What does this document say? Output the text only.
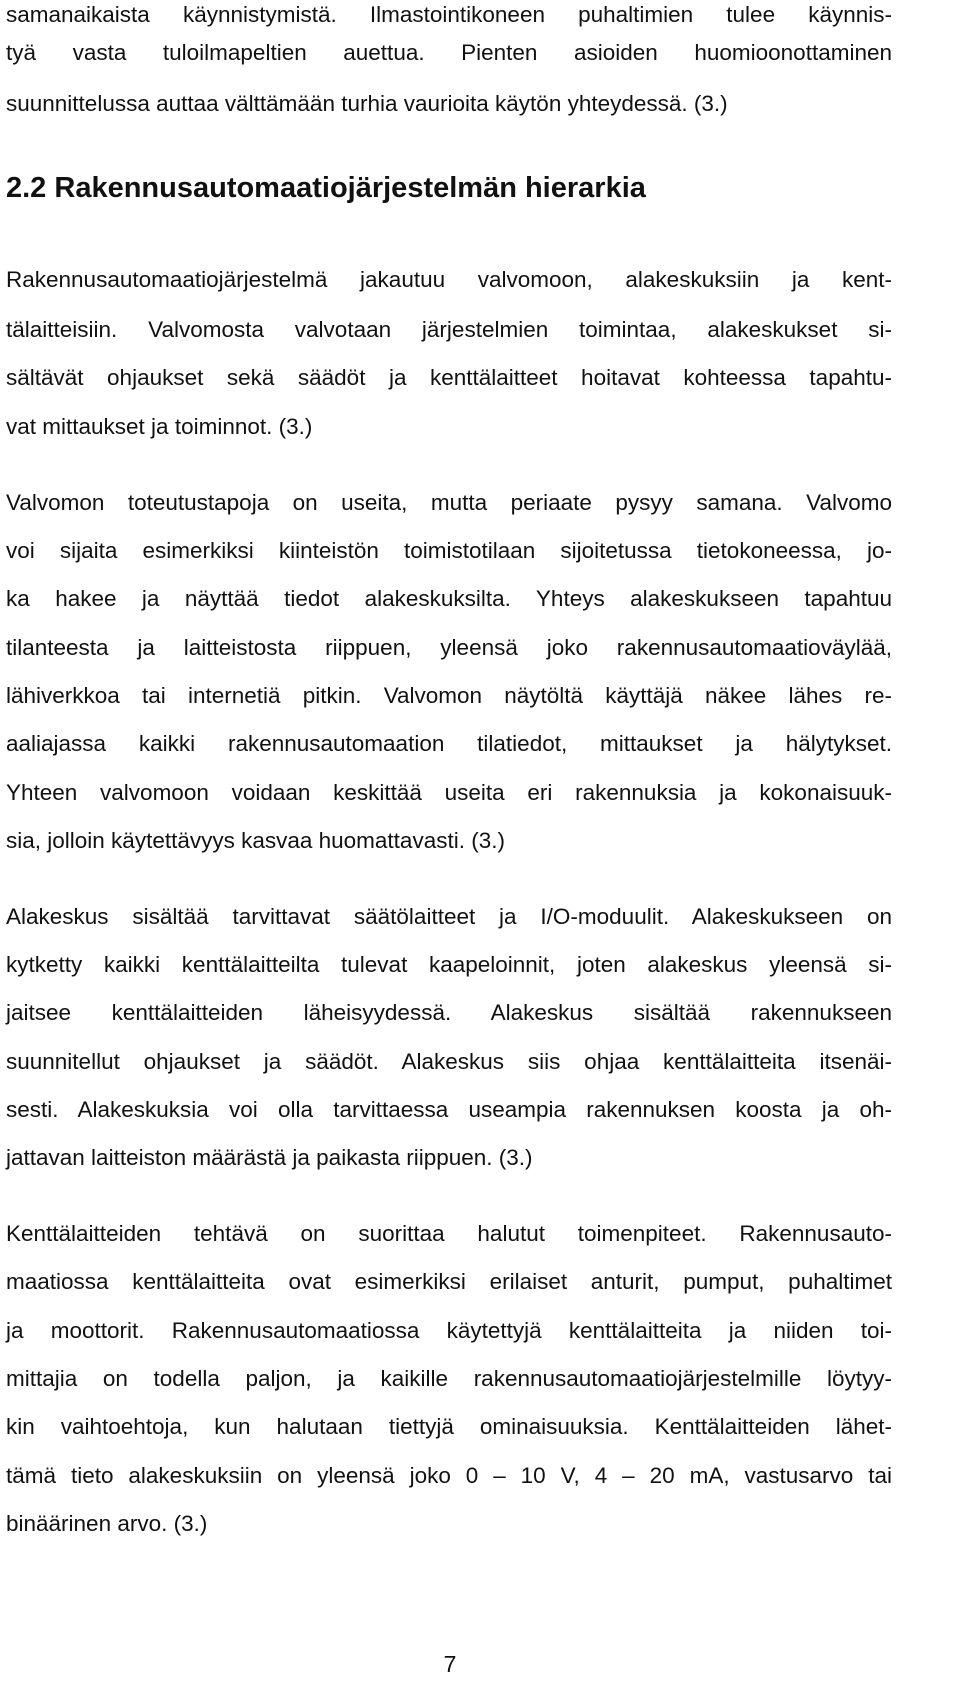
samanaikaista käynnistymistä. Ilmastointikoneen puhaltimien tulee käynnis-

tyä vasta tuloilmapeltien auettua. Pienten asioiden huomioonottaminen

suunnittelussa auttaa välttämään turhia vaurioita käytön yhteydessä. (3.)

2.2 Rakennusautomaatiojärjestelmän hierarkia

Rakennusautomaatiojärjestelmä jakautuu valvomoon, alakeskuksiin ja kent-

tälaitteisiin. Valvomosta valvotaan järjestelmien toimintaa, alakeskukset si-

sältävät ohjaukset sekä säädöt ja kenttälaitteet hoitavat kohteessa tapahtu-

vat mittaukset ja toiminnot. (3.)

Valvomon toteutustapoja on useita, mutta periaate pysyy samana. Valvomo

voi sijaita esimerkiksi kiinteistön toimistotilaan sijoitetussa tietokoneessa, jo-

ka hakee ja näyttää tiedot alakeskuksilta. Yhteys alakeskukseen tapahtuu

tilanteesta ja laitteistosta riippuen, yleensä joko rakennusautomaatioväylää,

lähiverkkoa tai internetiä pitkin. Valvomon näytöltä käyttäjä näkee lähes re-

aaliajassa kaikki rakennusautomaation tilatiedot, mittaukset ja hälytykset.

Yhteen valvomoon voidaan keskittää useita eri rakennuksia ja kokonaisuuk-

sia, jolloin käytettävyys kasvaa huomattavasti. (3.)

Alakeskus sisältää tarvittavat säätölaitteet ja I/O-moduulit. Alakeskukseen on

kytketty kaikki kenttälaitteilta tulevat kaapeloinnit, joten alakeskus yleensä si-

jaitsee kenttälaitteiden läheisyydessä. Alakeskus sisältää rakennukseen

suunnitellut ohjaukset ja säädöt. Alakeskus siis ohjaa kenttälaitteita itsenäi-

sesti. Alakeskuksia voi olla tarvittaessa useampia rakennuksen koosta ja oh-

jattavan laitteiston määrästä ja paikasta riippuen. (3.)

Kenttälaitteiden tehtävä on suorittaa halutut toimenpiteet. Rakennusauto-

maatiossa kenttälaitteita ovat esimerkiksi erilaiset anturit, pumput, puhaltimet

ja moottorit. Rakennusautomaatiossa käytettyjä kenttälaitteita ja niiden toi-

mittajia on todella paljon, ja kaikille rakennusautomaatiojärjestelmille löytyy-

kin vaihtoehtoja, kun halutaan tiettyjä ominaisuuksia. Kenttälaitteiden lähet-

tämä tieto alakeskuksiin on yleensä joko 0 – 10 V, 4 – 20 mA, vastusarvo tai

binäärinen arvo. (3.)

7
